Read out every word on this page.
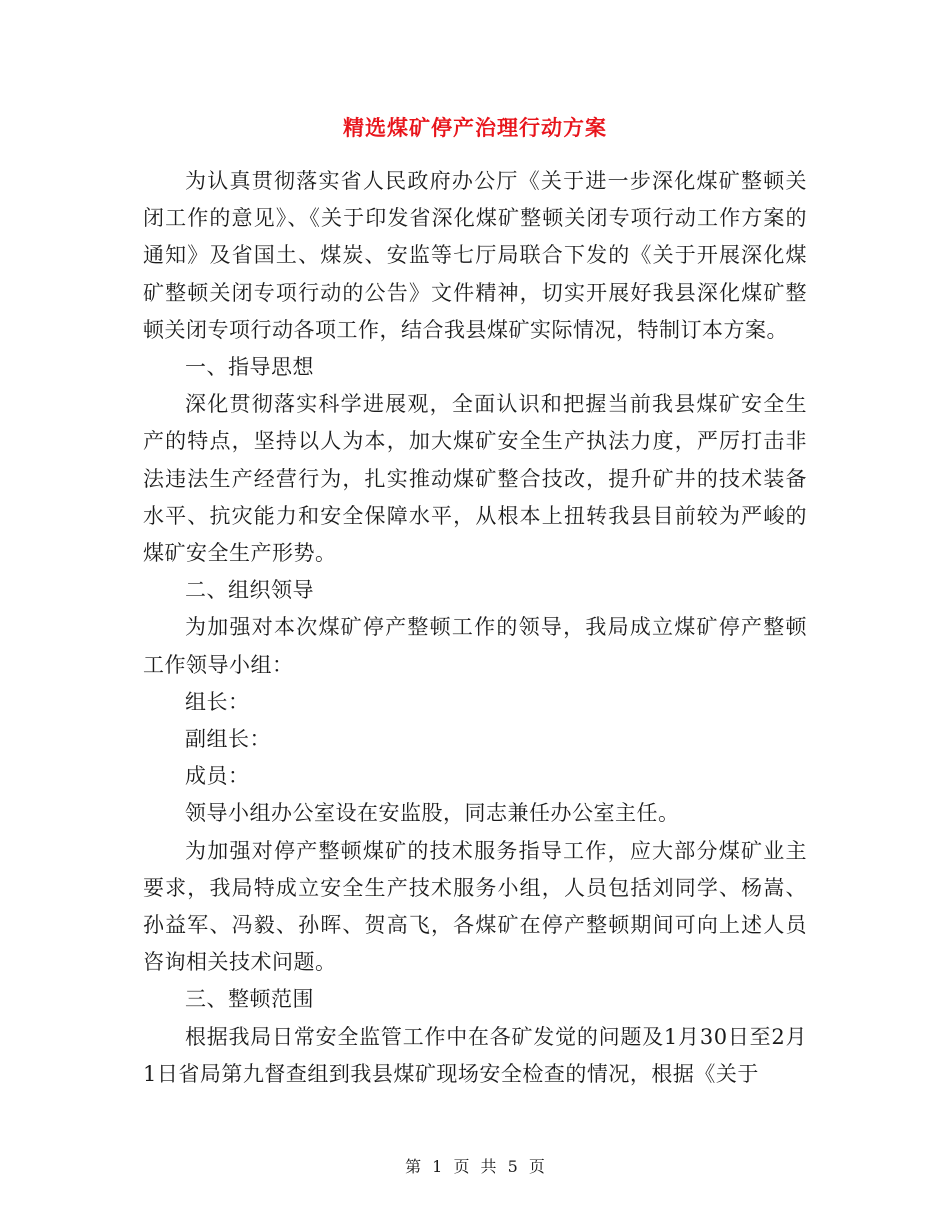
精选煤矿停产治理行动方案

为认真贯彻落实省人民政府办公厅《关于进一步深化煤矿整顿关闭工作的意见》、《关于印发省深化煤矿整顿关闭专项行动工作方案的通知》及省国土、煤炭、安监等七厅局联合下发的《关于开展深化煤矿整顿关闭专项行动的公告》文件精神，切实开展好我县深化煤矿整顿关闭专项行动各项工作，结合我县煤矿实际情况，特制订本方案。

一、指导思想

深化贯彻落实科学进展观，全面认识和把握当前我县煤矿安全生产的特点，坚持以人为本，加大煤矿安全生产执法力度，严厉打击非法违法生产经营行为，扎实推动煤矿整合技改，提升矿井的技术装备水平、抗灾能力和安全保障水平，从根本上扭转我县目前较为严峻的煤矿安全生产形势。

二、组织领导

为加强对本次煤矿停产整顿工作的领导，我局成立煤矿停产整顿工作领导小组：

组长：

副组长：

成员：

领导小组办公室设在安监股，同志兼任办公室主任。

为加强对停产整顿煤矿的技术服务指导工作，应大部分煤矿业主要求，我局特成立安全生产技术服务小组，人员包括刘同学、杨嵩、孙益军、冯毅、孙晖、贺高飞，各煤矿在停产整顿期间可向上述人员咨询相关技术问题。

三、整顿范围

根据我局日常安全监管工作中在各矿发觉的问题及1月30日至2月1日省局第九督查组到我县煤矿现场安全检查的情况，根据《关于

第 1 页 共 5 页
